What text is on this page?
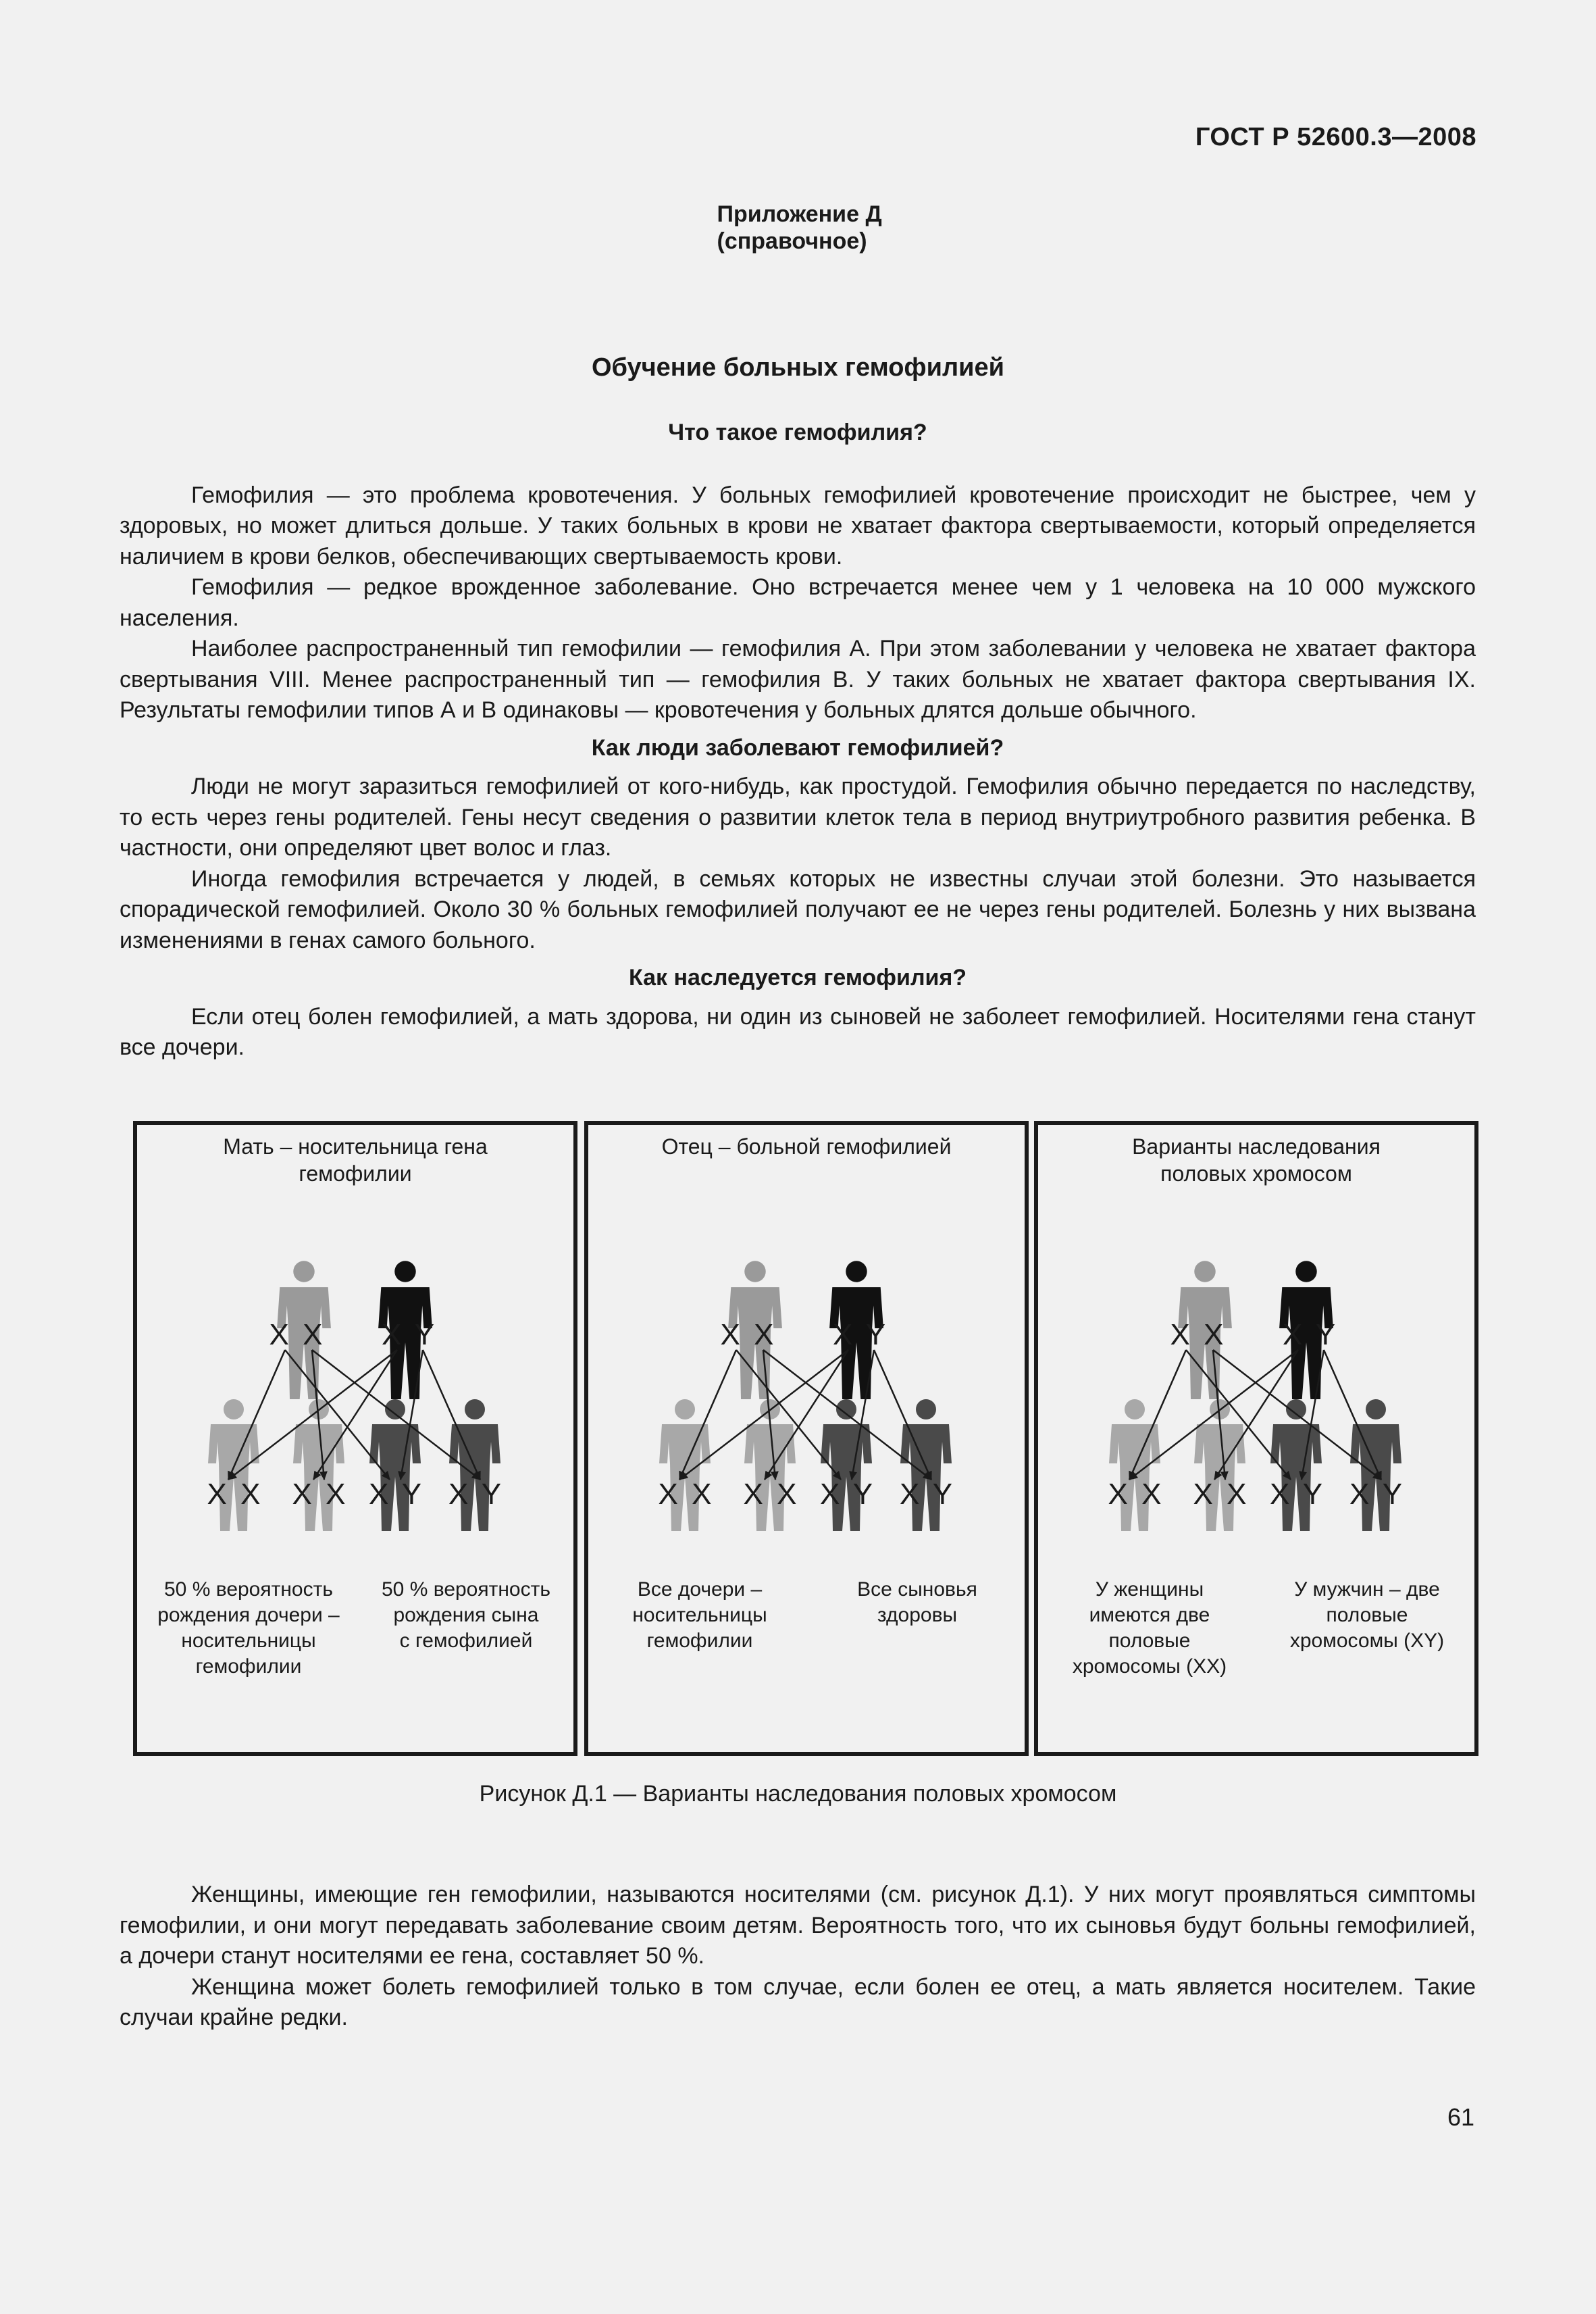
ГОСТ Р 52600.3—2008
Приложение Д
(справочное)
Обучение больных гемофилией
Что такое гемофилия?

Гемофилия — это проблема кровотечения. У больных гемофилией кровотечение происходит не быстрее, чем у здоровых, но может длиться дольше. У таких больных в крови не хватает фактора свертываемости, который определяется наличием в крови белков, обеспечивающих свертываемость крови.

Гемофилия — редкое врожденное заболевание. Оно встречается менее чем у 1 человека на 10 000 мужского населения.

Наиболее распространенный тип гемофилии — гемофилия А. При этом заболевании у человека не хватает фактора свертывания VIII. Менее распространенный тип — гемофилия В. У таких больных не хватает фактора свертывания IX. Результаты гемофилии типов А и В одинаковы — кровотечения у больных длятся дольше обычного.

Как люди заболевают гемофилией?

Люди не могут заразиться гемофилией от кого-нибудь, как простудой. Гемофилия обычно передается по наследству, то есть через гены родителей. Гены несут сведения о развитии клеток тела в период внутриутробного развития ребенка. В частности, они определяют цвет волос и глаз.

Иногда гемофилия встречается у людей, в семьях которых не известны случаи этой болезни. Это называется спорадической гемофилией. Около 30 % больных гемофилией получают ее не через гены родителей. Болезнь у них вызвана изменениями в генах самого больного.

Как наследуется гемофилия?

Если отец болен гемофилией, а мать здорова, ни один из сыновей не заболеет гемофилией. Носителями гена станут все дочери.

Мать – носительница гена
гемофилии
X X X Y
X X X X X Y X Y
50 % вероятность
рождения дочери –
носительницы
гемофилии
50 % вероятность
рождения сына
с гемофилией
Отец – больной гемофилией
X X X Y
X X X X X Y X Y
Все дочери –
носительницы
гемофилии
Все сыновья
здоровы
Варианты наследования
половых хромосом
X X X Y
X X X X X Y X Y
У женщины
имеются две
половые
хромосомы (XX)
У мужчин – две
половые
хромосомы (XY)
Рисунок Д.1 — Варианты наследования половых хромосом

Женщины, имеющие ген гемофилии, называются носителями (см. рисунок Д.1). У них могут проявляться симптомы гемофилии, и они могут передавать заболевание своим детям. Вероятность того, что их сыновья будут больны гемофилией, а дочери станут носителями ее гена, составляет 50 %.

Женщина может болеть гемофилией только в том случае, если болен ее отец, а мать является носителем. Такие случаи крайне редки.

61
